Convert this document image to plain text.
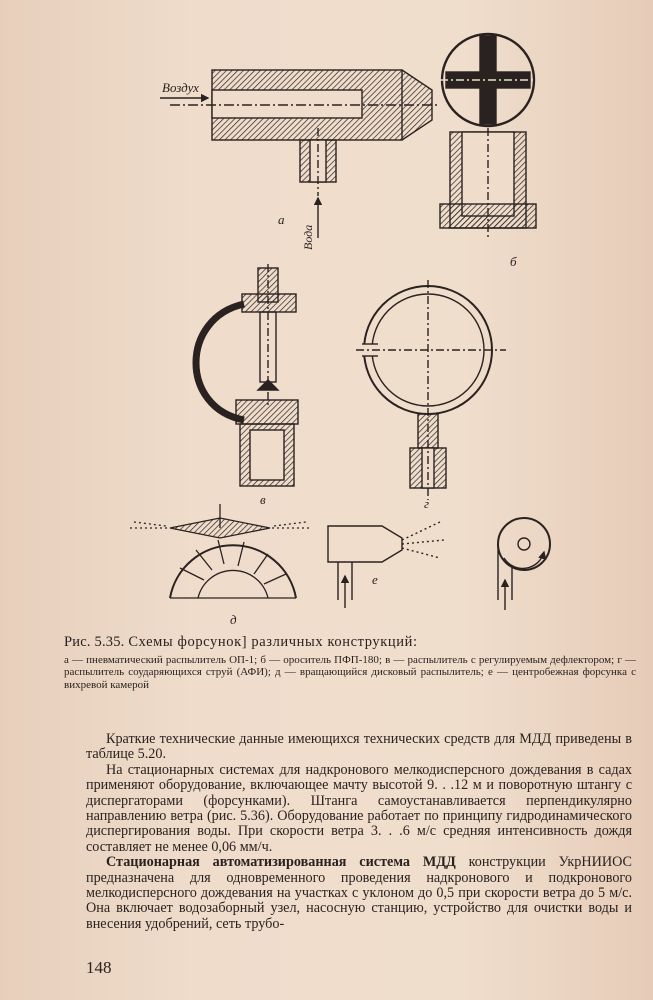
Воздух
Вода
а
б
в	г
д
е
Рис. 5.35. Схемы форсунок] различных конструкций:
а — пневматический распылитель ОП-1; б — ороситель ПФП-180; в — распылитель с регулируемым дефлектором; г — распылитель соударяющихся струй (АФИ); д — вращающийся дисковый распылитель; е — центробежная форсунка с вихревой камерой

Краткие технические данные имеющихся технических средств для МДД приведены в таблице 5.20.

На стационарных системах для надкронового мелкодисперсного дождевания в садах применяют оборудование, включающее мачту высотой 9. . .12 м и поворотную штангу с диспергаторами (форсунками). Штанга самоустанавливается перпендикулярно направлению ветра (рис. 5.36). Оборудование работает по принципу гидродинамического диспергирования воды. При скорости ветра 3. . .6 м/с средняя интенсивность дождя составляет не менее 0,06 мм/ч.

Стационарная автоматизированная система МДД конструкции УкрНИИОС предназначена для одновременного проведения надкронового и подкронового мелкодисперсного дождевания на участках с уклоном до 0,5 при скорости ветра до 5 м/с. Она включает водозаборный узел, насосную станцию, устройство для очистки воды и внесения удобрений, сеть трубо-

148
